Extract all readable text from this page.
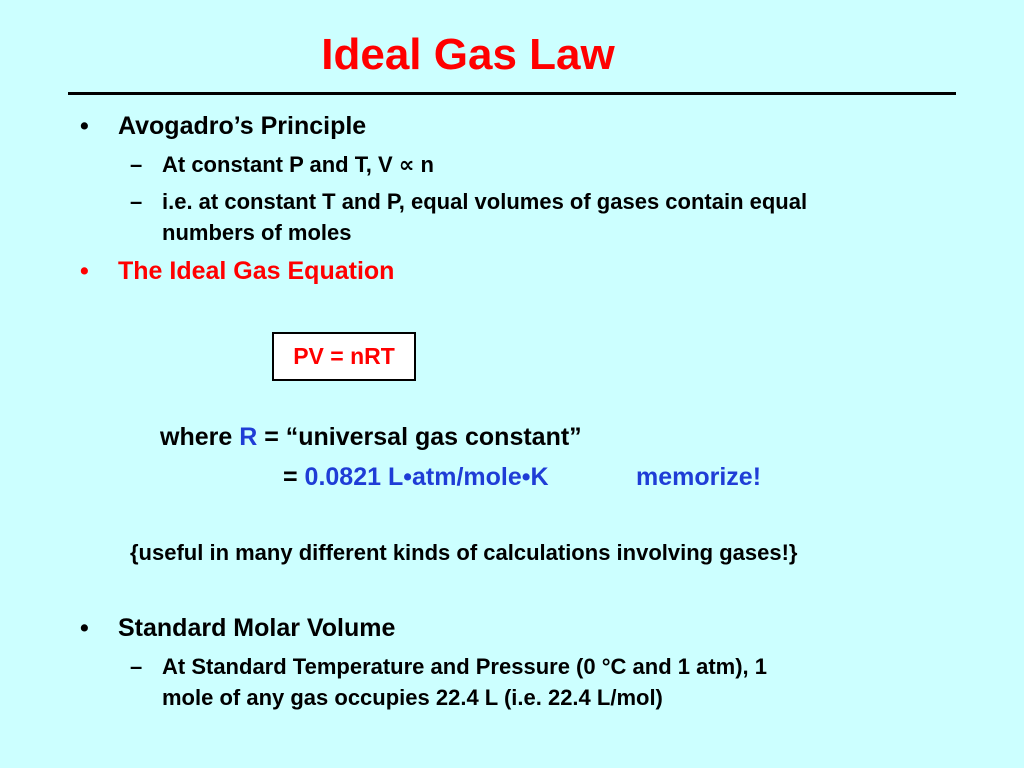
Ideal Gas Law
• Avogadro’s Principle
– At constant P and T, V ∝ n
– i.e. at constant T and P, equal volumes of gases contain equal
numbers of moles
• The Ideal Gas Equation
PV = nRT
where R = “universal gas constant”
= 0.0821 L•atm/mole•K	memorize!
{useful in many different kinds of calculations involving gases!}
• Standard Molar Volume
– At Standard Temperature and Pressure (0 °C and 1 atm), 1
mole of any gas occupies 22.4 L (i.e. 22.4 L/mol)
